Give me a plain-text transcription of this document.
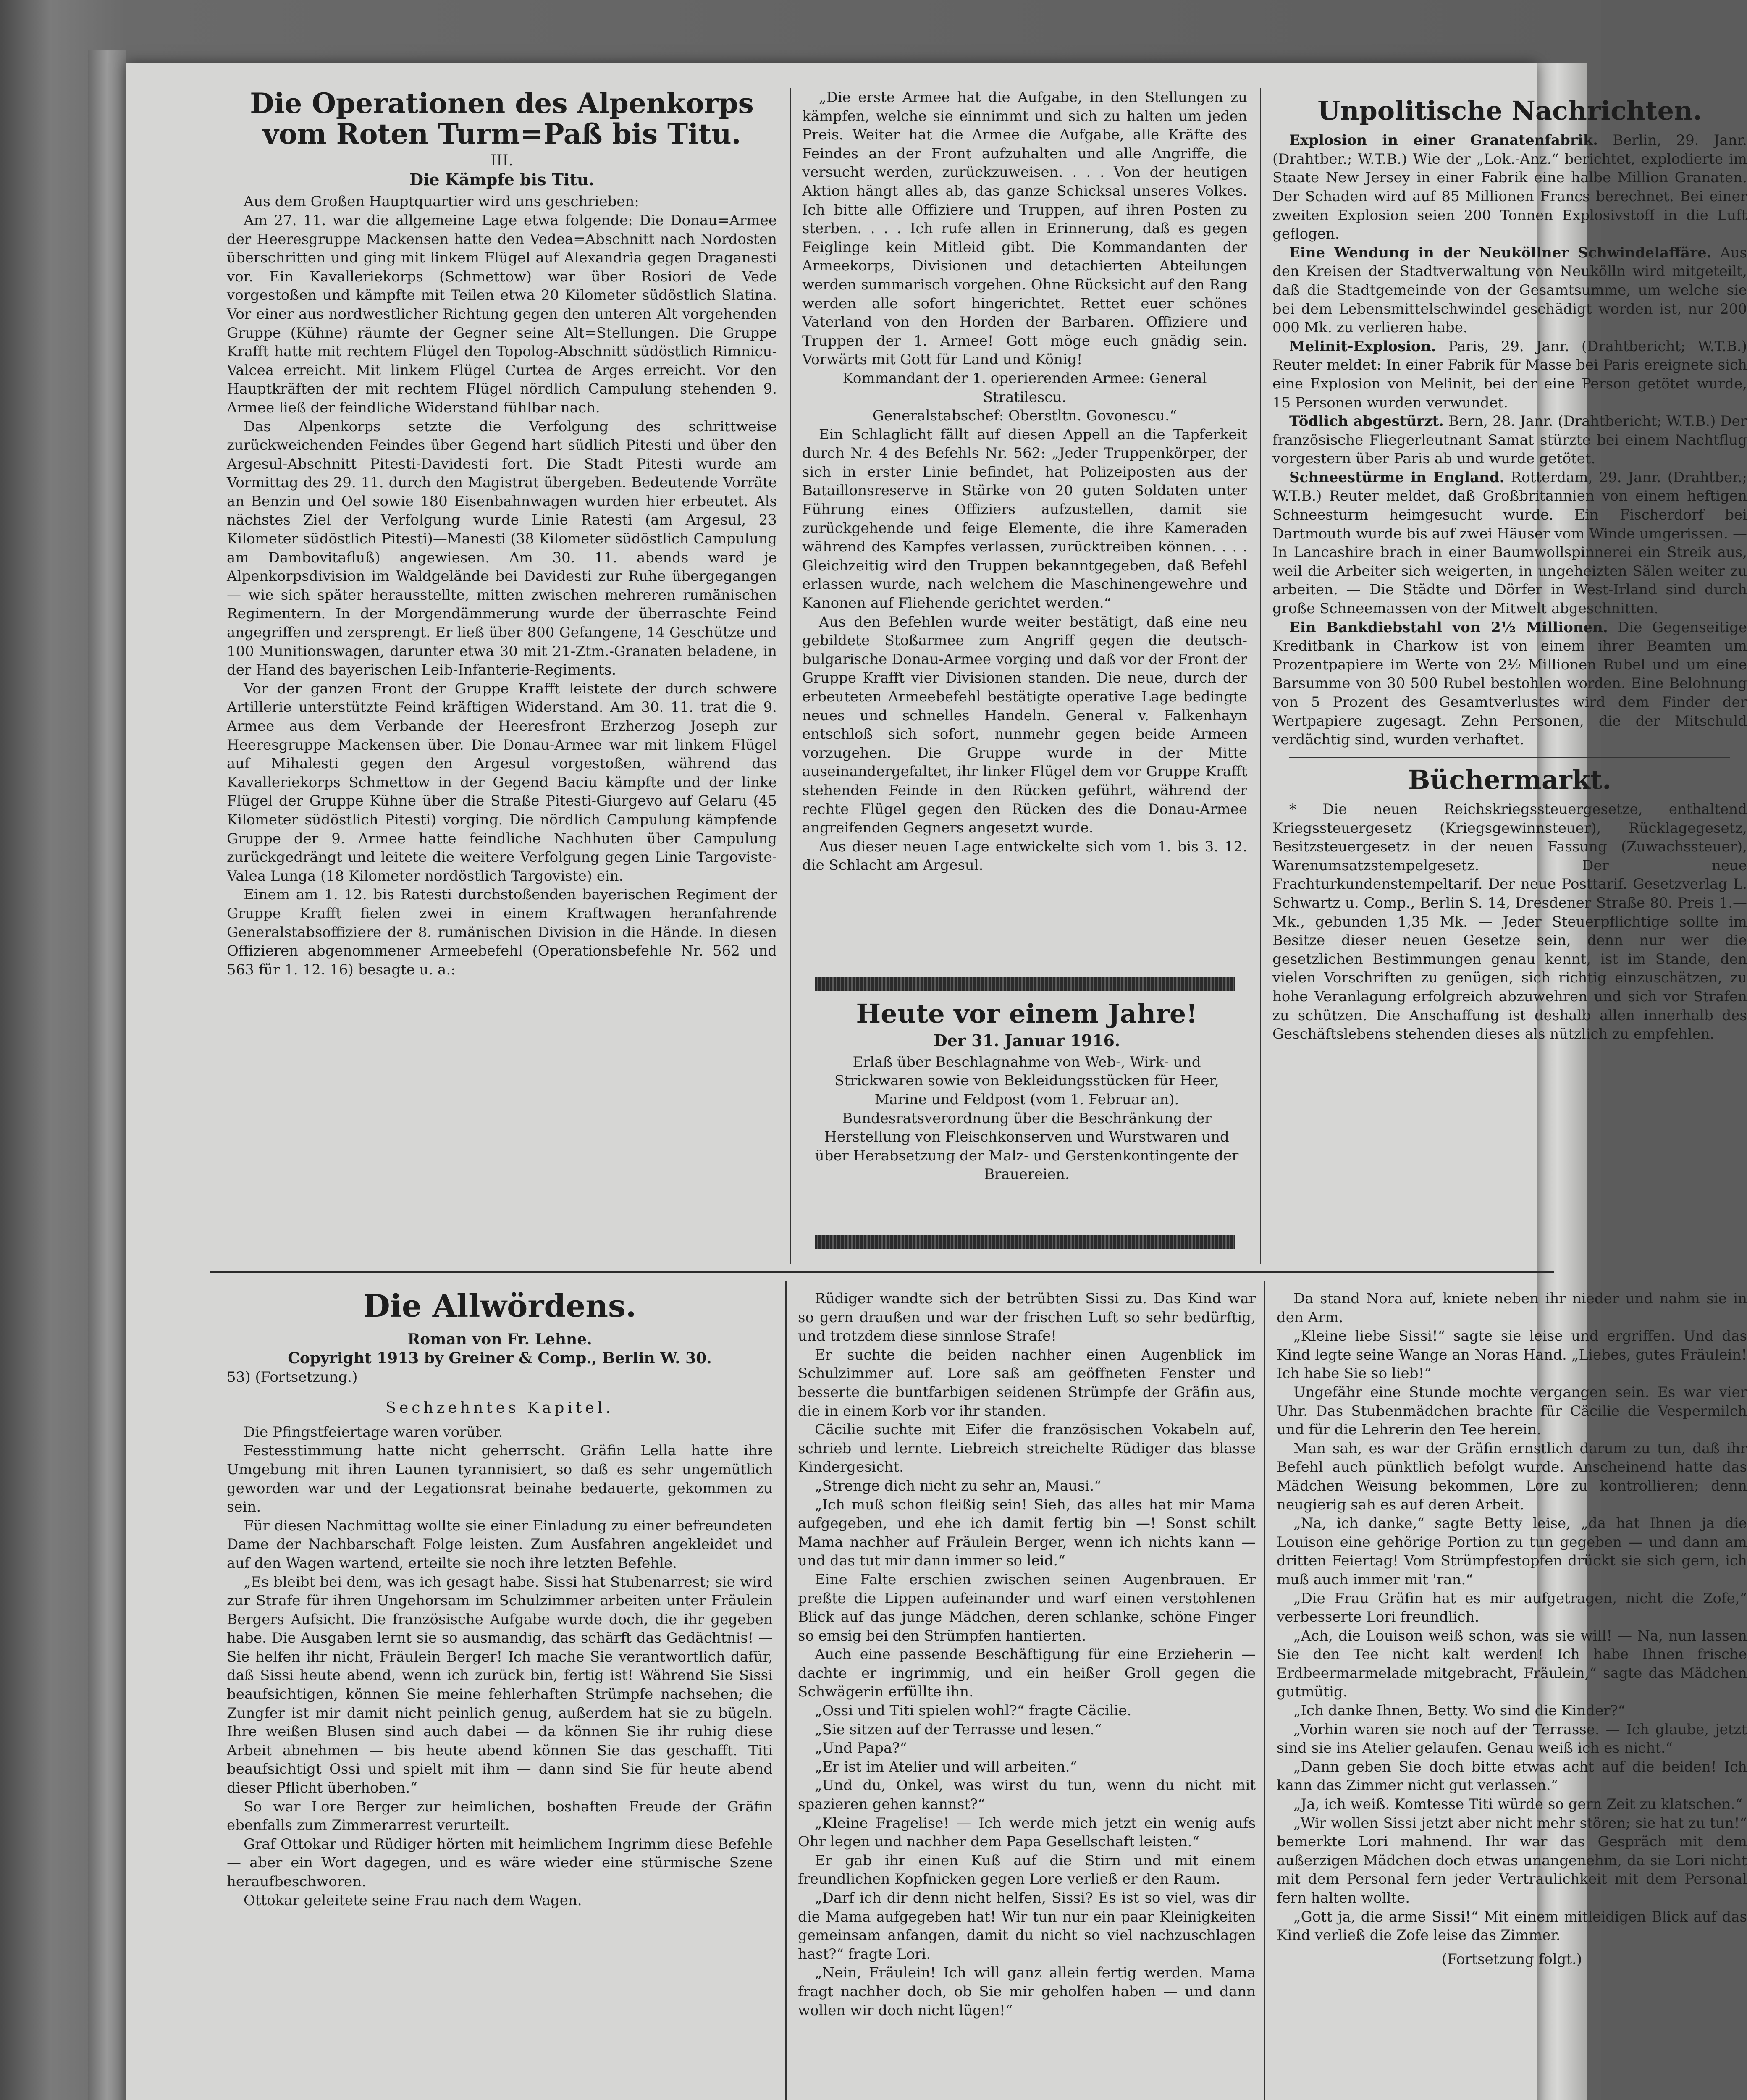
Die Operationen des Alpenkorps
vom Roten Turm=Paß bis Titu.
III.
Die Kämpfe bis Titu.

Aus dem Großen Hauptquartier wird uns geschrieben:

Am 27. 11. war die allgemeine Lage etwa folgende: Die Donau=Armee der Heeresgruppe Mackensen hatte den Vedea=Abschnitt nach Nordosten überschritten und ging mit linkem Flügel auf Alexandria gegen Draganesti vor. Ein Kavalleriekorps (Schmettow) war über Rosiori de Vede vorgestoßen und kämpfte mit Teilen etwa 20 Kilometer südöstlich Slatina. Vor einer aus nordwestlicher Richtung gegen den unteren Alt vorgehenden Gruppe (Kühne) räumte der Gegner seine Alt=Stellungen. Die Gruppe Krafft hatte mit rechtem Flügel den Topolog-Abschnitt südöstlich Rimnicu-Valcea erreicht. Mit linkem Flügel Curtea de Arges erreicht. Vor den Hauptkräften der mit rechtem Flügel nördlich Campulung stehenden 9. Armee ließ der feindliche Widerstand fühlbar nach.

Das Alpenkorps setzte die Verfolgung des schrittweise zurückweichenden Feindes über Gegend hart südlich Pitesti und über den Argesul-Abschnitt Pitesti-Davidesti fort. Die Stadt Pitesti wurde am Vormittag des 29. 11. durch den Magistrat übergeben. Bedeutende Vorräte an Benzin und Oel sowie 180 Eisenbahnwagen wurden hier erbeutet. Als nächstes Ziel der Verfolgung wurde Linie Ratesti (am Argesul, 23 Kilometer südöstlich Pitesti)—Manesti (38 Kilometer südöstlich Campulung am Dambovitafluß) angewiesen. Am 30. 11. abends ward je Alpenkorpsdivision im Waldgelände bei Davidesti zur Ruhe übergegangen — wie sich später herausstellte, mitten zwischen mehreren rumänischen Regimentern. In der Morgendämmerung wurde der überraschte Feind angegriffen und zersprengt. Er ließ über 800 Gefangene, 14 Geschütze und 100 Munitionswagen, darunter etwa 30 mit 21-Ztm.-Granaten beladene, in der Hand des bayerischen Leib-Infanterie-Regiments.

Vor der ganzen Front der Gruppe Krafft leistete der durch schwere Artillerie unterstützte Feind kräftigen Widerstand. Am 30. 11. trat die 9. Armee aus dem Verbande der Heeresfront Erzherzog Joseph zur Heeresgruppe Mackensen über. Die Donau-Armee war mit linkem Flügel auf Mihalesti gegen den Argesul vorgestoßen, während das Kavalleriekorps Schmettow in der Gegend Baciu kämpfte und der linke Flügel der Gruppe Kühne über die Straße Pitesti-Giurgevo auf Gelaru (45 Kilometer südöstlich Pitesti) vorging. Die nördlich Campulung kämpfende Gruppe der 9. Armee hatte feindliche Nachhuten über Campulung zurückgedrängt und leitete die weitere Verfolgung gegen Linie Targoviste-Valea Lunga (18 Kilometer nordöstlich Targoviste) ein.

Einem am 1. 12. bis Ratesti durchstoßenden bayerischen Regiment der Gruppe Krafft fielen zwei in einem Kraftwagen heranfahrende Generalstabsoffiziere der 8. rumänischen Division in die Hände. In diesen Offizieren abgenommener Armeebefehl (Operationsbefehle Nr. 562 und 563 für 1. 12. 16) besagte u. a.:

„Die erste Armee hat die Aufgabe, in den Stellungen zu kämpfen, welche sie einnimmt und sich zu halten um jeden Preis. Weiter hat die Armee die Aufgabe, alle Kräfte des Feindes an der Front aufzuhalten und alle Angriffe, die versucht werden, zurückzuweisen. . . . Von der heutigen Aktion hängt alles ab, das ganze Schicksal unseres Volkes. Ich bitte alle Offiziere und Truppen, auf ihren Posten zu sterben. . . . Ich rufe allen in Erinnerung, daß es gegen Feiglinge kein Mitleid gibt. Die Kommandanten der Armeekorps, Divisionen und detachierten Abteilungen werden summarisch vorgehen. Ohne Rücksicht auf den Rang werden alle sofort hingerichtet. Rettet euer schönes Vaterland von den Horden der Barbaren. Offiziere und Truppen der 1. Armee! Gott möge euch gnädig sein. Vorwärts mit Gott für Land und König!

Kommandant der 1. operierenden Armee: General Stratilescu.

Generalstabschef: Oberstltn. Govonescu.“

Ein Schlaglicht fällt auf diesen Appell an die Tapferkeit durch Nr. 4 des Befehls Nr. 562: „Jeder Truppenkörper, der sich in erster Linie befindet, hat Polizeiposten aus der Bataillonsreserve in Stärke von 20 guten Soldaten unter Führung eines Offiziers aufzustellen, damit sie zurückgehende und feige Elemente, die ihre Kameraden während des Kampfes verlassen, zurücktreiben können. . . . Gleichzeitig wird den Truppen bekanntgegeben, daß Befehl erlassen wurde, nach welchem die Maschinengewehre und Kanonen auf Fliehende gerichtet werden.“

Aus den Befehlen wurde weiter bestätigt, daß eine neu gebildete Stoßarmee zum Angriff gegen die deutsch-bulgarische Donau-Armee vorging und daß vor der Front der Gruppe Krafft vier Divisionen standen. Die neue, durch der erbeuteten Armeebefehl bestätigte operative Lage bedingte neues und schnelles Handeln. General v. Falkenhayn entschloß sich sofort, nunmehr gegen beide Armeen vorzugehen. Die Gruppe wurde in der Mitte auseinandergefaltet, ihr linker Flügel dem vor Gruppe Krafft stehenden Feinde in den Rücken geführt, während der rechte Flügel gegen den Rücken des die Donau-Armee angreifenden Gegners angesetzt wurde.

Aus dieser neuen Lage entwickelte sich vom 1. bis 3. 12. die Schlacht am Argesul.

Heute vor einem Jahre!
Der 31. Januar 1916.

Erlaß über Beschlagnahme von Web-, Wirk- und Strickwaren sowie von Bekleidungsstücken für Heer, Marine und Feldpost (vom 1. Februar an).

Bundesratsverordnung über die Beschränkung der Herstellung von Fleischkonserven und Wurstwaren und über Herabsetzung der Malz- und Gerstenkontingente der Brauereien.

Unpolitische Nachrichten.

Explosion in einer Granatenfabrik. Berlin, 29. Janr. (Drahtber.; W.T.B.) Wie der „Lok.-Anz.“ berichtet, explodierte im Staate New Jersey in einer Fabrik eine halbe Million Granaten. Der Schaden wird auf 85 Millionen Francs berechnet. Bei einer zweiten Explosion seien 200 Tonnen Explosivstoff in die Luft geflogen.

Eine Wendung in der Neuköllner Schwindelaffäre. Aus den Kreisen der Stadtverwaltung von Neukölln wird mitgeteilt, daß die Stadtgemeinde von der Gesamtsumme, um welche sie bei dem Lebensmittelschwindel geschädigt worden ist, nur 200 000 Mk. zu verlieren habe.

Melinit-Explosion. Paris, 29. Janr. (Drahtbericht; W.T.B.) Reuter meldet: In einer Fabrik für Masse bei Paris ereignete sich eine Explosion von Melinit, bei der eine Person getötet wurde, 15 Personen wurden verwundet.

Tödlich abgestürzt. Bern, 28. Janr. (Drahtbericht; W.T.B.) Der französische Fliegerleutnant Samat stürzte bei einem Nachtflug vorgestern über Paris ab und wurde getötet.

Schneestürme in England. Rotterdam, 29. Janr. (Drahtber.; W.T.B.) Reuter meldet, daß Großbritannien von einem heftigen Schneesturm heimgesucht wurde. Ein Fischerdorf bei Dartmouth wurde bis auf zwei Häuser vom Winde umgerissen. — In Lancashire brach in einer Baumwollspinnerei ein Streik aus, weil die Arbeiter sich weigerten, in ungeheizten Sälen weiter zu arbeiten. — Die Städte und Dörfer in West-Irland sind durch große Schneemassen von der Mitwelt abgeschnitten.

Ein Bankdiebstahl von 2½ Millionen. Die Gegenseitige Kreditbank in Charkow ist von einem ihrer Beamten um Prozentpapiere im Werte von 2½ Millionen Rubel und um eine Barsumme von 30 500 Rubel bestohlen worden. Eine Belohnung von 5 Prozent des Gesamtverlustes wird dem Finder der Wertpapiere zugesagt. Zehn Personen, die der Mitschuld verdächtig sind, wurden verhaftet.

Büchermarkt.

* Die neuen Reichskriegssteuergesetze, enthaltend Kriegssteuergesetz (Kriegsgewinnsteuer), Rücklagegesetz, Besitzsteuergesetz in der neuen Fassung (Zuwachssteuer), Warenumsatzstempelgesetz. Der neue Frachturkundenstempeltarif. Der neue Posttarif. Gesetzverlag L. Schwartz u. Comp., Berlin S. 14, Dresdener Straße 80. Preis 1.— Mk., gebunden 1,35 Mk. — Jeder Steuerpflichtige sollte im Besitze dieser neuen Gesetze sein, denn nur wer die gesetzlichen Bestimmungen genau kennt, ist im Stande, den vielen Vorschriften zu genügen, sich richtig einzuschätzen, zu hohe Veranlagung erfolgreich abzuwehren und sich vor Strafen zu schützen. Die Anschaffung ist deshalb allen innerhalb des Geschäftslebens stehenden dieses als nützlich zu empfehlen.

Die Allwördens.
Roman von Fr. Lehne.
Copyright 1913 by Greiner & Comp., Berlin W. 30.
53) (Fortsetzung.)
Sechzehntes Kapitel.

Die Pfingstfeiertage waren vorüber.

Festesstimmung hatte nicht geherrscht. Gräfin Lella hatte ihre Umgebung mit ihren Launen tyrannisiert, so daß es sehr ungemütlich geworden war und der Legationsrat beinahe bedauerte, gekommen zu sein.

Für diesen Nachmittag wollte sie einer Einladung zu einer befreundeten Dame der Nachbarschaft Folge leisten. Zum Ausfahren angekleidet und auf den Wagen wartend, erteilte sie noch ihre letzten Befehle.

„Es bleibt bei dem, was ich gesagt habe. Sissi hat Stubenarrest; sie wird zur Strafe für ihren Ungehorsam im Schulzimmer arbeiten unter Fräulein Bergers Aufsicht. Die französische Aufgabe wurde doch, die ihr gegeben habe. Die Ausgaben lernt sie so ausmandig, das schärft das Gedächtnis! — Sie helfen ihr nicht, Fräulein Berger! Ich mache Sie verantwortlich dafür, daß Sissi heute abend, wenn ich zurück bin, fertig ist! Während Sie Sissi beaufsichtigen, können Sie meine fehlerhaften Strümpfe nachsehen; die Zungfer ist mir damit nicht peinlich genug, außerdem hat sie zu bügeln. Ihre weißen Blusen sind auch dabei — da können Sie ihr ruhig diese Arbeit abnehmen — bis heute abend können Sie das geschafft. Titi beaufsichtigt Ossi und spielt mit ihm — dann sind Sie für heute abend dieser Pflicht überhoben.“

So war Lore Berger zur heimlichen, boshaften Freude der Gräfin ebenfalls zum Zimmerarrest verurteilt.

Graf Ottokar und Rüdiger hörten mit heimlichem Ingrimm diese Befehle — aber ein Wort dagegen, und es wäre wieder eine stürmische Szene heraufbeschworen.

Ottokar geleitete seine Frau nach dem Wagen.

Rüdiger wandte sich der betrübten Sissi zu. Das Kind war so gern draußen und war der frischen Luft so sehr bedürftig, und trotzdem diese sinnlose Strafe!

Er suchte die beiden nachher einen Augenblick im Schulzimmer auf. Lore saß am geöffneten Fenster und besserte die buntfarbigen seidenen Strümpfe der Gräfin aus, die in einem Korb vor ihr standen.

Cäcilie suchte mit Eifer die französischen Vokabeln auf, schrieb und lernte. Liebreich streichelte Rüdiger das blasse Kindergesicht.

„Strenge dich nicht zu sehr an, Mausi.“

„Ich muß schon fleißig sein! Sieh, das alles hat mir Mama aufgegeben, und ehe ich damit fertig bin —! Sonst schilt Mama nachher auf Fräulein Berger, wenn ich nichts kann — und das tut mir dann immer so leid.“

Eine Falte erschien zwischen seinen Augenbrauen. Er preßte die Lippen aufeinander und warf einen verstohlenen Blick auf das junge Mädchen, deren schlanke, schöne Finger so emsig bei den Strümpfen hantierten.

Auch eine passende Beschäftigung für eine Erzieherin — dachte er ingrimmig, und ein heißer Groll gegen die Schwägerin erfüllte ihn.

„Ossi und Titi spielen wohl?“ fragte Cäcilie.

„Sie sitzen auf der Terrasse und lesen.“

„Und Papa?“

„Er ist im Atelier und will arbeiten.“

„Und du, Onkel, was wirst du tun, wenn du nicht mit spazieren gehen kannst?“

„Kleine Fragelise! — Ich werde mich jetzt ein wenig aufs Ohr legen und nachher dem Papa Gesellschaft leisten.“

Er gab ihr einen Kuß auf die Stirn und mit einem freundlichen Kopfnicken gegen Lore verließ er den Raum.

„Darf ich dir denn nicht helfen, Sissi? Es ist so viel, was dir die Mama aufgegeben hat! Wir tun nur ein paar Kleinigkeiten gemeinsam anfangen, damit du nicht so viel nachzuschlagen hast?“ fragte Lori.

„Nein, Fräulein! Ich will ganz allein fertig werden. Mama fragt nachher doch, ob Sie mir geholfen haben — und dann wollen wir doch nicht lügen!“

Da stand Nora auf, kniete neben ihr nieder und nahm sie in den Arm.

„Kleine liebe Sissi!“ sagte sie leise und ergriffen. Und das Kind legte seine Wange an Noras Hand. „Liebes, gutes Fräulein! Ich habe Sie so lieb!“

Ungefähr eine Stunde mochte vergangen sein. Es war vier Uhr. Das Stubenmädchen brachte für Cäcilie die Vespermilch und für die Lehrerin den Tee herein.

Man sah, es war der Gräfin ernstlich darum zu tun, daß ihr Befehl auch pünktlich befolgt wurde. Anscheinend hatte das Mädchen Weisung bekommen, Lore zu kontrollieren; denn neugierig sah es auf deren Arbeit.

„Na, ich danke,“ sagte Betty leise, „da hat Ihnen ja die Louison eine gehörige Portion zu tun gegeben — und dann am dritten Feiertag! Vom Strümpfestopfen drückt sie sich gern, ich muß auch immer mit 'ran.“

„Die Frau Gräfin hat es mir aufgetragen, nicht die Zofe,“ verbesserte Lori freundlich.

„Ach, die Louison weiß schon, was sie will! — Na, nun lassen Sie den Tee nicht kalt werden! Ich habe Ihnen frische Erdbeermarmelade mitgebracht, Fräulein,“ sagte das Mädchen gutmütig.

„Ich danke Ihnen, Betty. Wo sind die Kinder?“

„Vorhin waren sie noch auf der Terrasse. — Ich glaube, jetzt sind sie ins Atelier gelaufen. Genau weiß ich es nicht.“

„Dann geben Sie doch bitte etwas acht auf die beiden! Ich kann das Zimmer nicht gut verlassen.“

„Ja, ich weiß. Komtesse Titi würde so gern Zeit zu klatschen.“

„Wir wollen Sissi jetzt aber nicht mehr stören; sie hat zu tun!“ bemerkte Lori mahnend. Ihr war das Gespräch mit dem außerzigen Mädchen doch etwas unangenehm, da sie Lori nicht mit dem Personal fern jeder Vertraulichkeit mit dem Personal fern halten wollte.

„Gott ja, die arme Sissi!“ Mit einem mitleidigen Blick auf das Kind verließ die Zofe leise das Zimmer.

(Fortsetzung folgt.)
